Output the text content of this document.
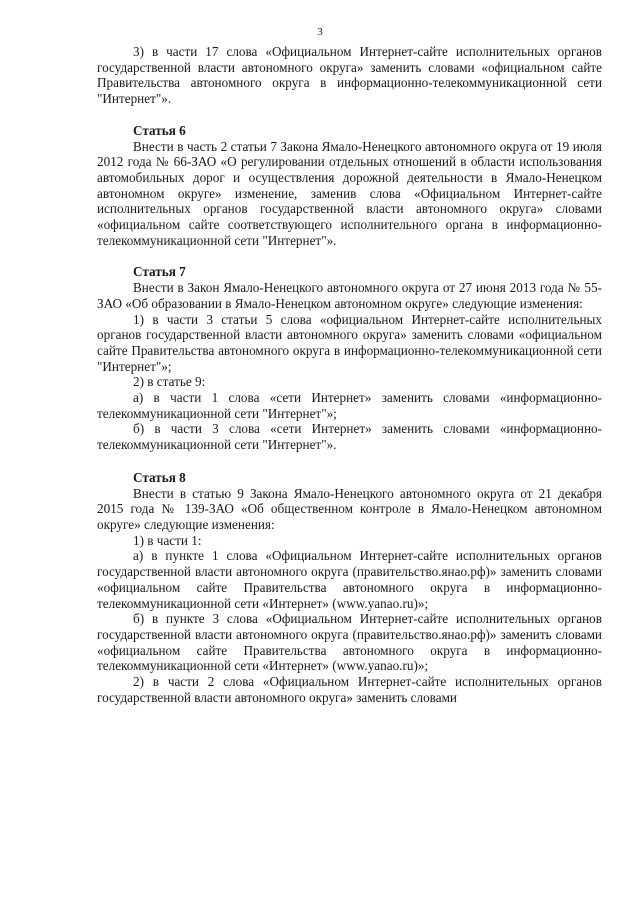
3

3) в части 17 слова «Официальном Интернет-сайте исполнительных органов государственной власти автономного округа» заменить словами «официальном сайте Правительства автономного округа в информационно-телекоммуникационной сети "Интернет"».

Статья 6

Внести в часть 2 статьи 7 Закона Ямало-Ненецкого автономного округа от 19 июля 2012 года № 66-ЗАО «О регулировании отдельных отношений в области использования автомобильных дорог и осуществления дорожной деятельности в Ямало-Ненецком автономном округе» изменение, заменив слова «Официальном Интернет-сайте исполнительных органов государственной власти автономного округа» словами «официальном сайте соответствующего исполнительного органа в информационно-телекоммуникационной сети "Интернет"».

Статья 7

Внести в Закон Ямало-Ненецкого автономного округа от 27 июня 2013 года № 55-ЗАО «Об образовании в Ямало-Ненецком автономном округе» следующие изменения:

1) в части 3 статьи 5 слова «официальном Интернет-сайте исполнительных органов государственной власти автономного округа» заменить словами «официальном сайте Правительства автономного округа в информационно-телекоммуникационной сети "Интернет"»;

2) в статье 9:

а) в части 1 слова «сети Интернет» заменить словами «информационно-телекоммуникационной сети "Интернет"»;

б) в части 3 слова «сети Интернет» заменить словами «информационно-телекоммуникационной сети "Интернет"».

Статья 8

Внести в статью 9 Закона Ямало-Ненецкого автономного округа от 21 декабря 2015 года № 139-ЗАО «Об общественном контроле в Ямало-Ненецком автономном округе» следующие изменения:

1) в части 1:

а) в пункте 1 слова «Официальном Интернет-сайте исполнительных органов государственной власти автономного округа (правительство.янао.рф)» заменить словами «официальном сайте Правительства автономного округа в информационно-телекоммуникационной сети «Интернет» (www.yanao.ru)»;

б) в пункте 3 слова «Официальном Интернет-сайте исполнительных органов государственной власти автономного округа (правительство.янао.рф)» заменить словами «официальном сайте Правительства автономного округа в информационно-телекоммуникационной сети «Интернет» (www.yanao.ru)»;

2) в части 2 слова «Официальном Интернет-сайте исполнительных органов государственной власти автономного округа» заменить словами
